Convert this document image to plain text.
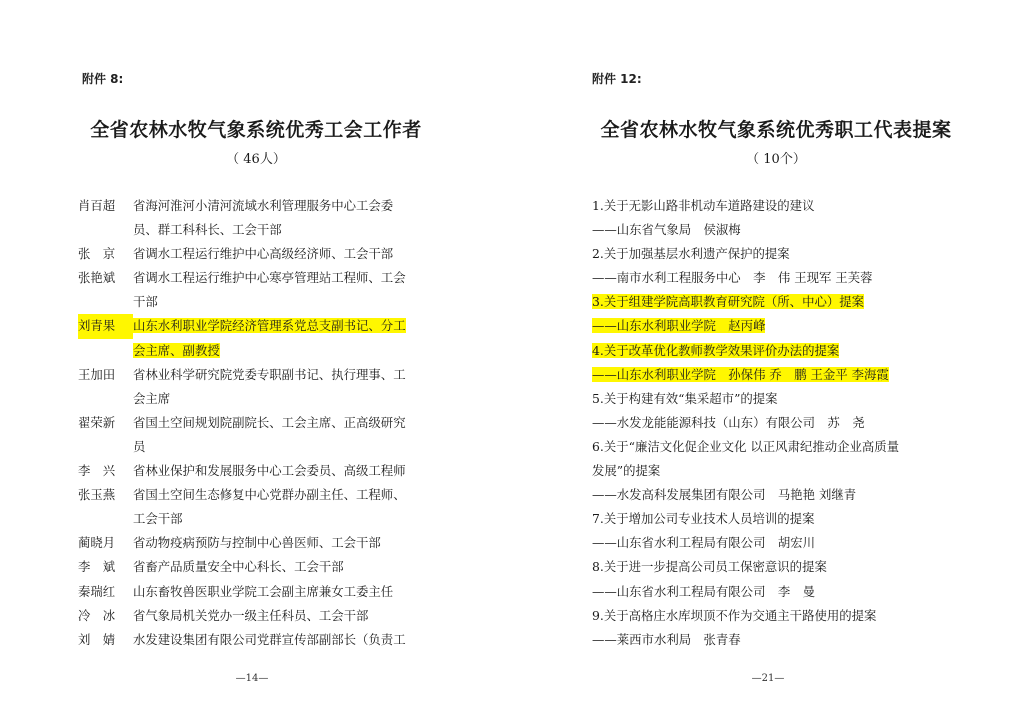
附件 8:
全省农林水牧气象系统优秀工会工作者
（ 46人）
肖百超 省海河淮河小清河流域水利管理服务中心工会委
员、群工科科长、工会干部
张　京 省调水工程运行维护中心高级经济师、工会干部
张艳斌 省调水工程运行维护中心寒亭管理站工程师、工会
干部
刘青果 山东水利职业学院经济管理系党总支副书记、分工
会主席、副教授
王加田 省林业科学研究院党委专职副书记、执行理事、工
会主席
翟荣新 省国土空间规划院副院长、工会主席、正高级研究
员
李　兴 省林业保护和发展服务中心工会委员、高级工程师
张玉燕 省国土空间生态修复中心党群办副主任、工程师、
工会干部
蔺晓月 省动物疫病预防与控制中心兽医师、工会干部
李　斌 省畜产品质量安全中心科长、工会干部
秦瑞红 山东畜牧兽医职业学院工会副主席兼女工委主任
冷　冰 省气象局机关党办一级主任科员、工会干部
刘　婧 水发建设集团有限公司党群宣传部副部长（负责工
—14—
附件 12:
全省农林水牧气象系统优秀职工代表提案
（ 10个）
1.关于无影山路非机动车道路建设的建议
——山东省气象局　侯淑梅
2.关于加强基层水利遗产保护的提案
——南市水利工程服务中心　李　伟 王现军 王芙蓉
3.关于组建学院高职教育研究院（所、中心）提案
——山东水利职业学院　赵丙峰
4.关于改革优化教师教学效果评价办法的提案
——山东水利职业学院　孙保伟 乔　鹏 王金平 李海霞
5.关于构建有效“集采超市”的提案
——水发龙能能源科技（山东）有限公司　苏　尧
6.关于“廉洁文化促企业文化 以正风肃纪推动企业高质量
发展”的提案
——水发高科发展集团有限公司　马艳艳 刘继青
7.关于增加公司专业技术人员培训的提案
——山东省水利工程局有限公司　胡宏川
8.关于进一步提高公司员工保密意识的提案
——山东省水利工程局有限公司　李　曼
9.关于高格庄水库坝顶不作为交通主干路使用的提案
——莱西市水利局　张青春
—21—
